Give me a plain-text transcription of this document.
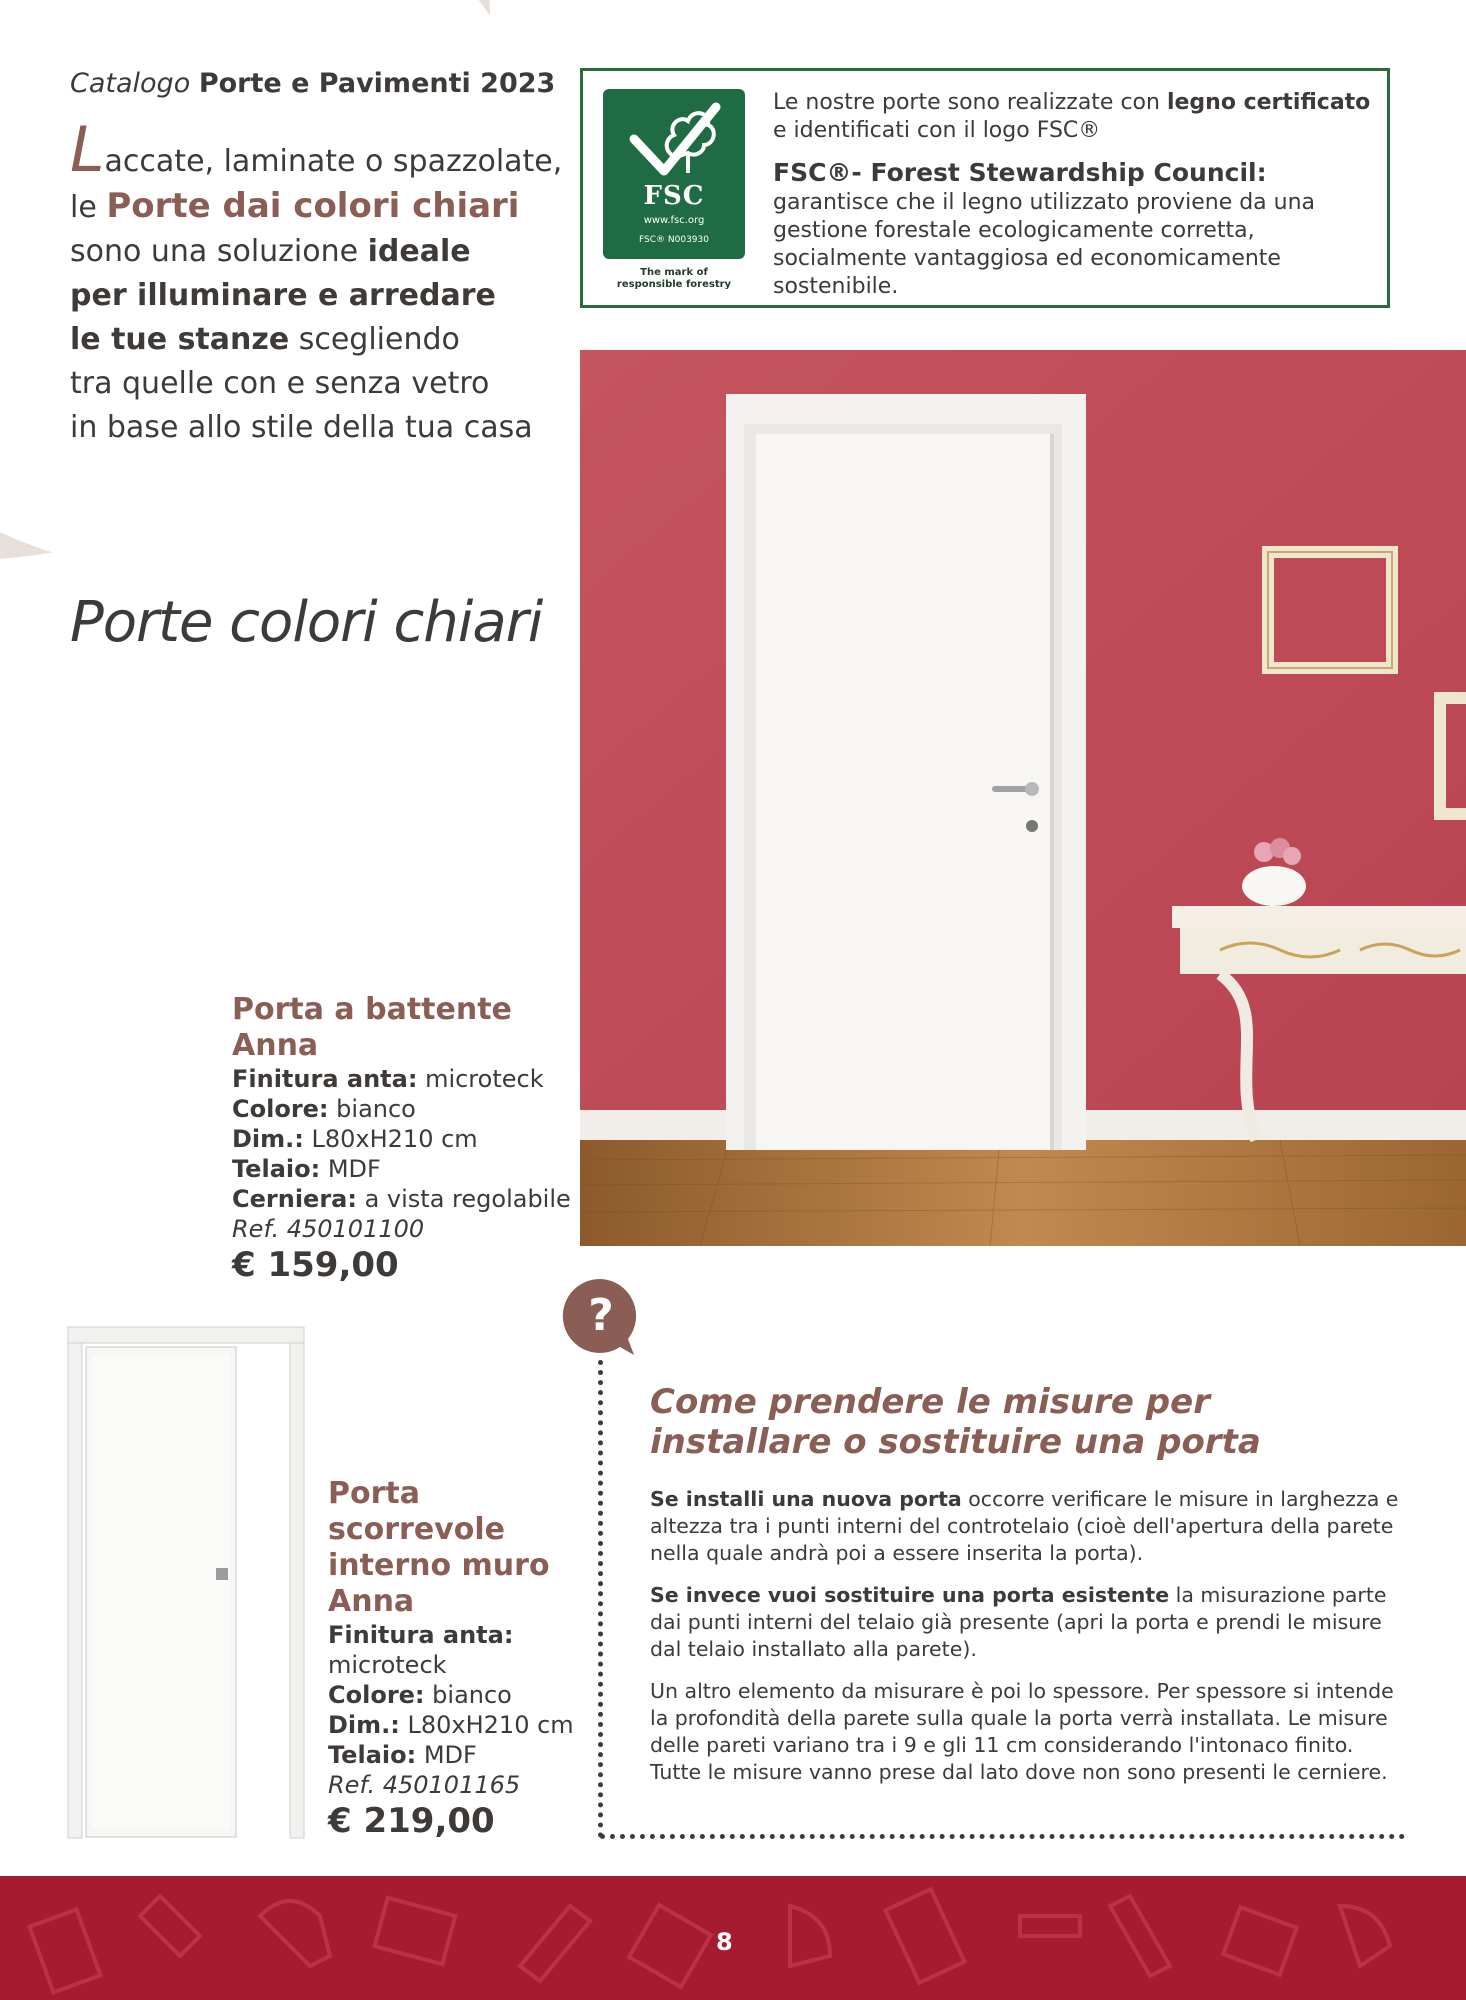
Catalogo Porte e Pavimenti 2023
Laccate, laminate o spazzolate,
le Porte dai colori chiari
sono una soluzione ideale
per illuminare e arredare
le tue stanze scegliendo
tra quelle con e senza vetro
in base allo stile della tua casa
Porte colori chiari
FSC
www.fsc.org
FSC® N003930
The mark of
responsible forestry

Le nostre porte sono realizzate con legno certificato
e identificati con il logo FSC®

FSC®- Forest Stewardship Council: garantisce che il legno utilizzato proviene da una gestione forestale ecologicamente corretta, socialmente vantaggiosa ed economicamente sostenibile.

Porta a battente Anna
Finitura anta: microteck
Colore: bianco
Dim.: L80xH210 cm
Telaio: MDF
Cerniera: a vista regolabile
Ref. 450101100
€ 159,00
Porta scorrevole interno muro Anna
Finitura anta:
microteck
Colore: bianco
Dim.: L80xH210 cm
Telaio: MDF
Ref. 450101165
€ 219,00
?
Come prendere le misure per installare o sostituire una porta

Se installi una nuova porta occorre verificare le misure in larghezza e altezza tra i punti interni del controtelaio (cioè dell'apertura della parete nella quale andrà poi a essere inserita la porta).

Se invece vuoi sostituire una porta esistente la misurazione parte dai punti interni del telaio già presente (apri la porta e prendi le misure dal telaio installato alla parete).

Un altro elemento da misurare è poi lo spessore. Per spessore si intende la profondità della parete sulla quale la porta verrà installata. Le misure delle pareti variano tra i 9 e gli 11 cm considerando l'intonaco finito. Tutte le misure vanno prese dal lato dove non sono presenti le cerniere.

8
